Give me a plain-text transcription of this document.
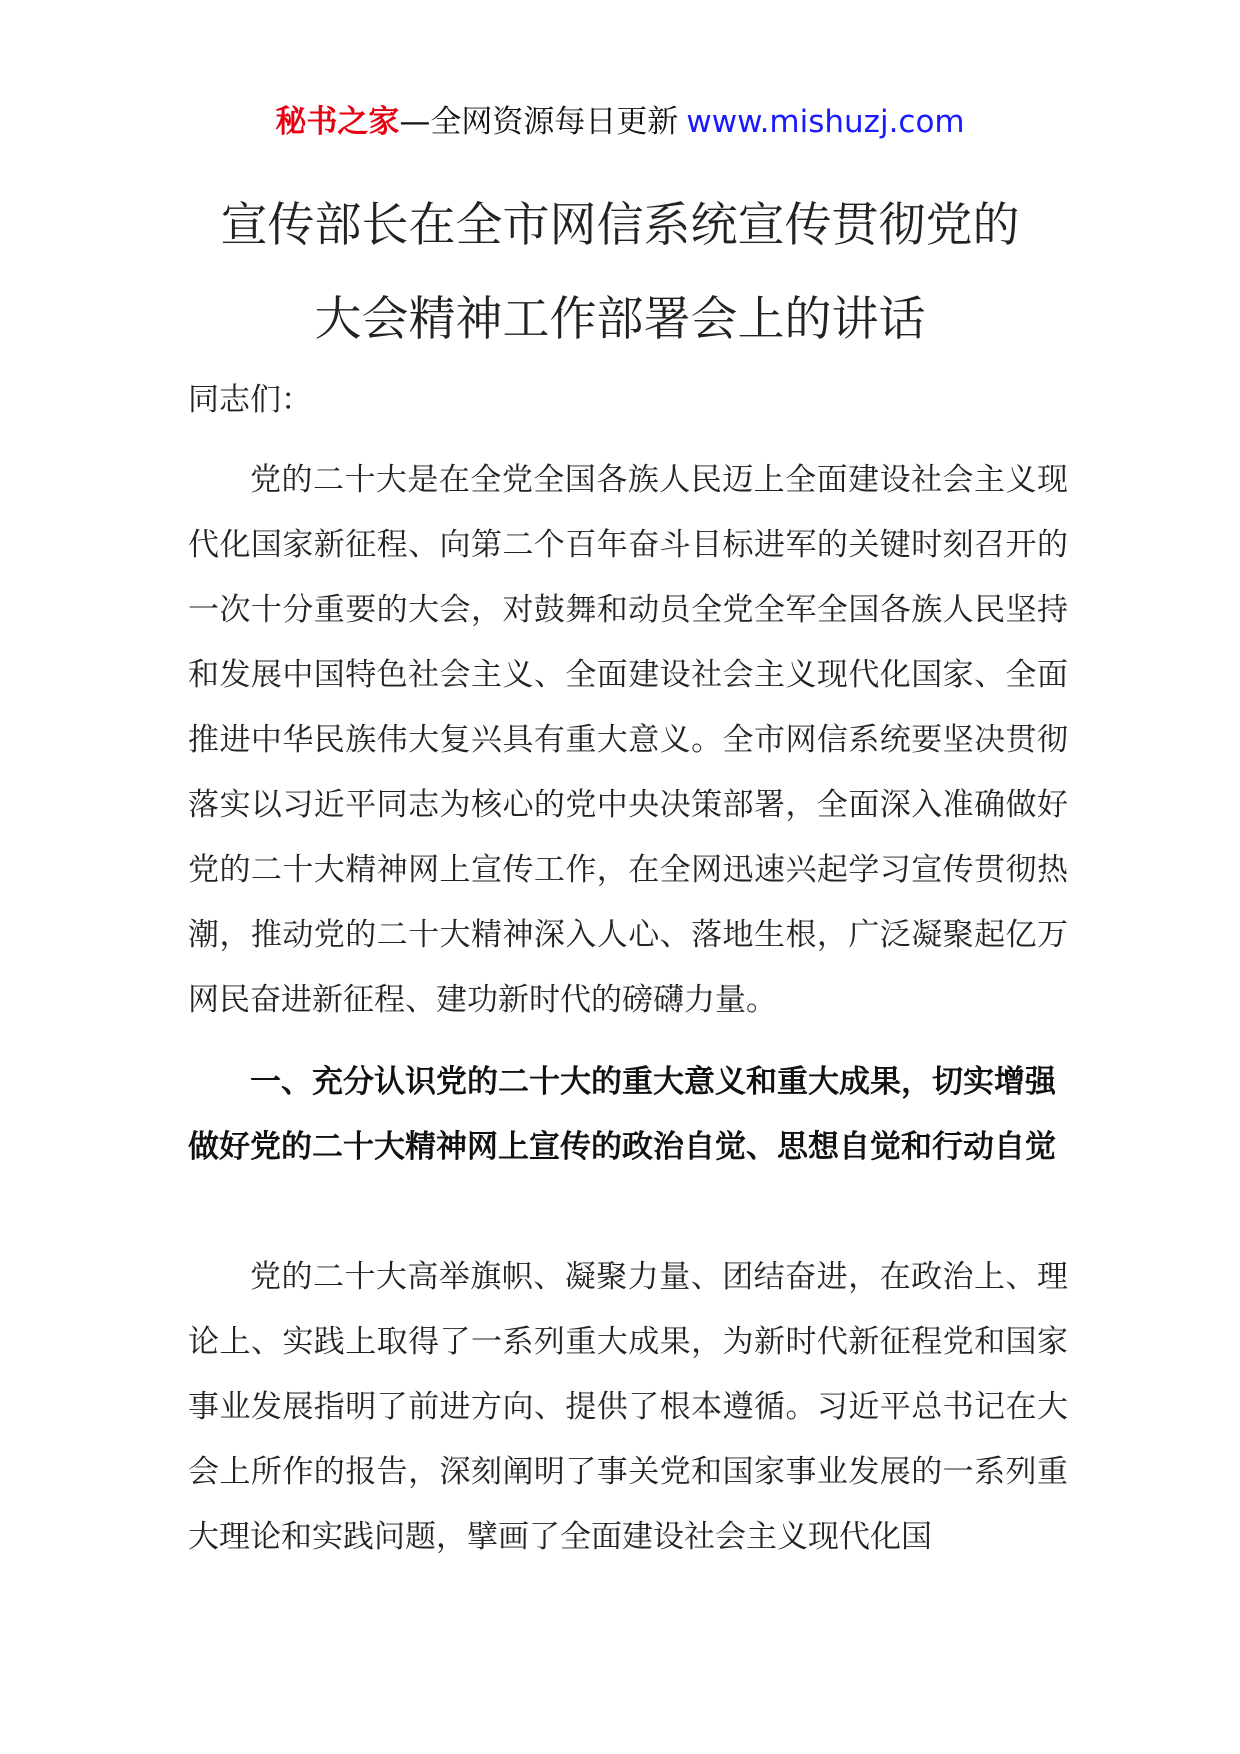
秘书之家—全网资源每日更新 www.mishuzj.com
宣传部长在全市网信系统宣传贯彻党的
大会精神工作部署会上的讲话
同志们：

党的二十大是在全党全国各族人民迈上全面建设社会主义现代化国家新征程、向第二个百年奋斗目标进军的关键时刻召开的一次十分重要的大会，对鼓舞和动员全党全军全国各族人民坚持和发展中国特色社会主义、全面建设社会主义现代化国家、全面推进中华民族伟大复兴具有重大意义。全市网信系统要坚决贯彻落实以习近平同志为核心的党中央决策部署，全面深入准确做好党的二十大精神网上宣传工作，在全网迅速兴起学习宣传贯彻热潮，推动党的二十大精神深入人心、落地生根，广泛凝聚起亿万网民奋进新征程、建功新时代的磅礴力量。

一、充分认识党的二十大的重大意义和重大成果，切实增强做好党的二十大精神网上宣传的政治自觉、思想自觉和行动自觉

党的二十大高举旗帜、凝聚力量、团结奋进，在政治上、理论上、实践上取得了一系列重大成果，为新时代新征程党和国家事业发展指明了前进方向、提供了根本遵循。习近平总书记在大会上所作的报告，深刻阐明了事关党和国家事业发展的一系列重大理论和实践问题，擘画了全面建设社会主义现代化国
